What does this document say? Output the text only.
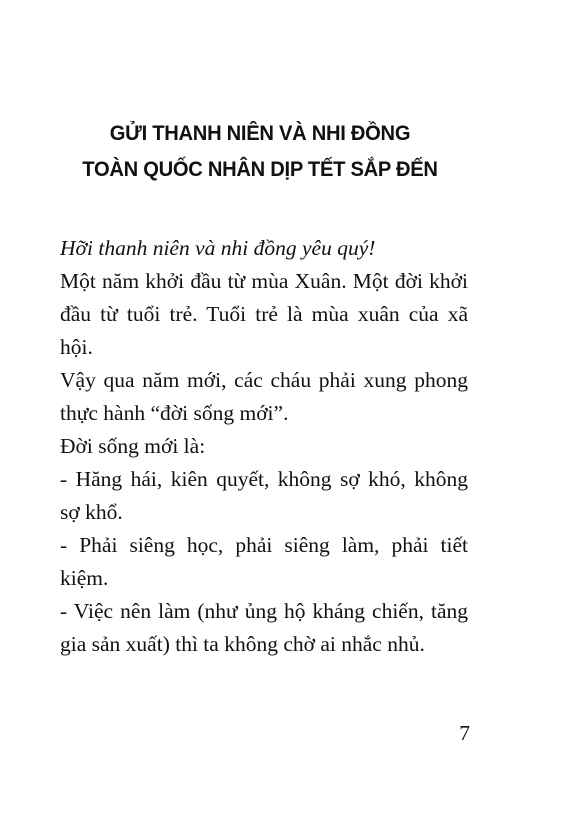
GỬI THANH NIÊN VÀ NHI ĐỒNG
TOÀN QUỐC NHÂN DỊP TẾT SẮP ĐẾN

Hỡi thanh niên và nhi đồng yêu quý!

Một năm khởi đầu từ mùa Xuân. Một đời khởi đầu từ tuổi trẻ. Tuổi trẻ là mùa xuân của xã hội.

Vậy qua năm mới, các cháu phải xung phong thực hành “đời sống mới”.

Đời sống mới là:

- Hăng hái, kiên quyết, không sợ khó, không sợ khổ.

- Phải siêng học, phải siêng làm, phải tiết kiệm.

- Việc nên làm (như ủng hộ kháng chiến, tăng gia sản xuất) thì ta không chờ ai nhắc nhủ.

7
